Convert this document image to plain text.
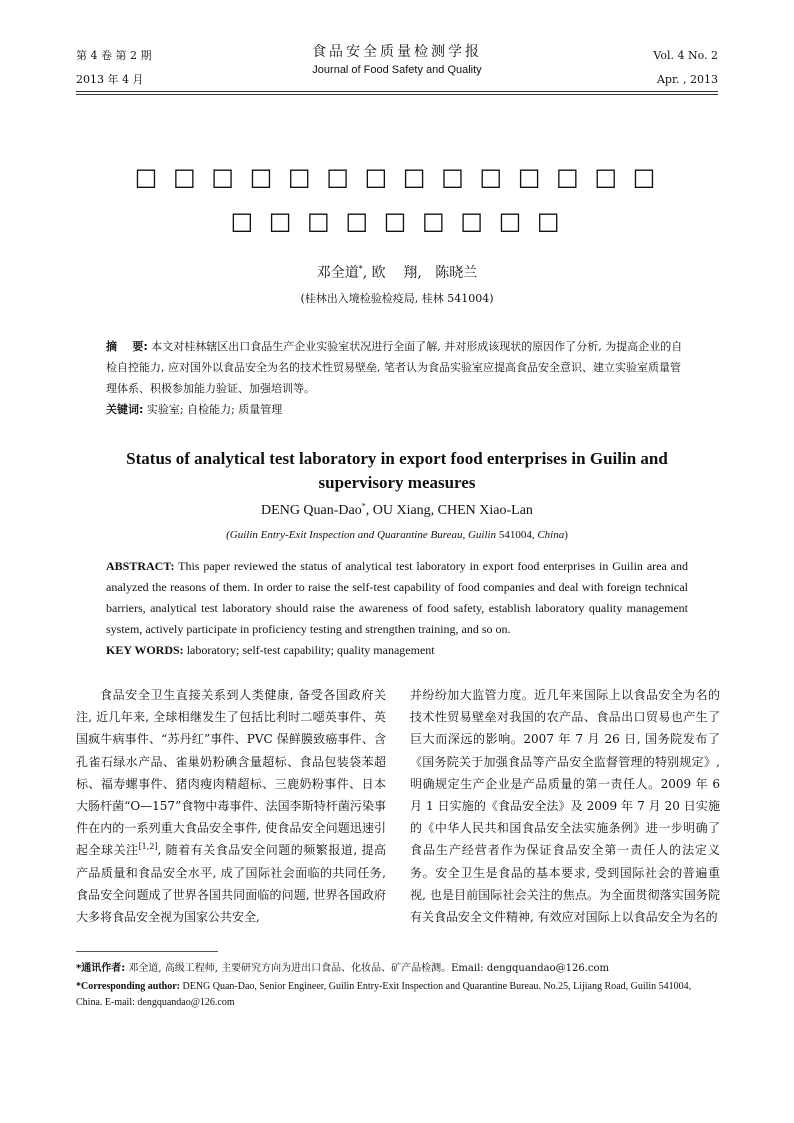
第 4 卷 第 2 期
2013 年 4 月
食品安全质量检测学报
Journal of Food Safety and Quality
Vol. 4 No. 2
Apr. , 2013
□ □ □ □ □ □ □ □ □ □ □ □ □ □ □ □ □ □ □ □ □ □ □
邓全道*, 欧    翔,   陈晓兰
(桂林出入境检验检疫局, 桂林 541004)
摘    要: 本文对桂林辖区出口食品生产企业实验室状况进行全面了解, 并对形成该现状的原因作了分析, 为提高企业的自检自控能力, 应对国外以食品安全为名的技术性贸易壁垒, 笔者认为食品实验室应提高食品安全意识、建立实验室质量管理体系、积极参加能力验证、加强培训等。
关键词: 实验室; 自检能力; 质量管理
Status of analytical test laboratory in export food enterprises in Guilin and supervisory measures
DENG Quan-Dao*, OU Xiang, CHEN Xiao-Lan
(Guilin Entry-Exit Inspection and Quarantine Bureau, Guilin 541004, China)
ABSTRACT: This paper reviewed the status of analytical test laboratory in export food enterprises in Guilin area and analyzed the reasons of them. In order to raise the self-test capability of food companies and deal with foreign technical barriers, analytical test laboratory should raise the awareness of food safety, establish laboratory quality management system, actively participate in proficiency testing and strengthen training, and so on.
KEY WORDS: laboratory; self-test capability; quality management

食品安全卫生直接关系到人类健康, 备受各国政府关注, 近几年来, 全球相继发生了包括比利时二噁英事件、英国疯牛病事件、“苏丹红”事件、PVC 保鲜膜致癌事件、含孔雀石绿水产品、雀巢奶粉碘含量超标、食品包装袋苯超标、福寿螺事件、猪肉瘦肉精超标、三鹿奶粉事件、日本大肠杆菌“O—157”食物中毒事件、法国李斯特杆菌污染事件在内的一系列重大食品安全事件, 使食品安全问题迅速引起全球关注[1,2], 随着有关食品安全问题的频繁报道, 提高产品质量和食品安全水平, 成了国际社会面临的共同任务, 食品安全问题成了世界各国共同面临的问题, 世界各国政府大多将食品安全视为国家公共安全,

并纷纷加大监管力度。近几年来国际上以食品安全为名的技术性贸易壁垒对我国的农产品、食品出口贸易也产生了巨大而深远的影响。2007 年 7 月 26 日, 国务院发布了《国务院关于加强食品等产品安全监督管理的特别规定》, 明确规定生产企业是产品质量的第一责任人。2009 年 6 月 1 日实施的《食品安全法》及 2009 年 7 月 20 日实施的《中华人民共和国食品安全法实施条例》进一步明确了食品生产经营者作为保证食品安全第一责任人的法定义务。安全卫生是食品的基本要求, 受到国际社会的普遍重视, 也是目前国际社会关注的焦点。为全面贯彻落实国务院有关食品安全文件精神, 有效应对国际上以食品安全为名的

*通讯作者: 邓全道, 高级工程师, 主要研究方向为进出口食品、化妆品、矿产品检测。Email: dengquandao@126.com
*Corresponding author: DENG Quan-Dao, Senior Engineer, Guilin Entry-Exit Inspection and Quarantine Bureau. No.25, Lijiang Road, Guilin 541004, China. E-mail: dengquandao@126.com
